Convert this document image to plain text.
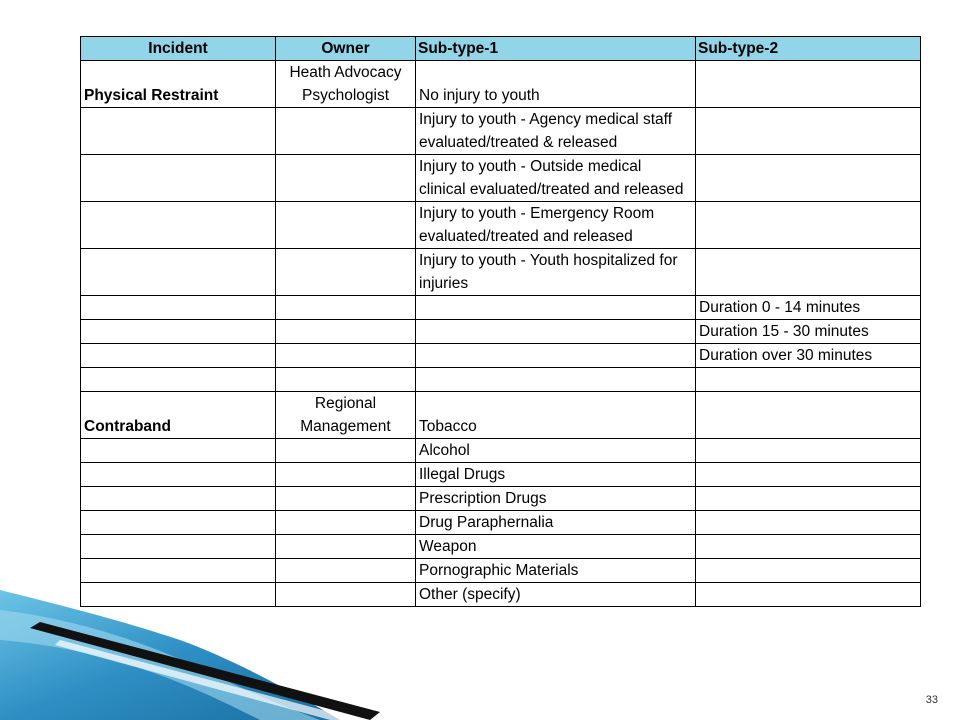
Incident	Owner	Sub-type-1	Sub-type-2
Physical Restraint	Heath Advocacy Psychologist	No injury to youth	
		Injury to youth - Agency medical staff evaluated/treated & released	
		Injury to youth - Outside medical clinical evaluated/treated and released	
		Injury to youth - Emergency Room evaluated/treated and released	
		Injury to youth - Youth hospitalized for injuries	
			Duration 0 - 14 minutes
			Duration 15 - 30 minutes
			Duration over 30 minutes

Contraband	Regional Management	Tobacco	
		Alcohol	
		Illegal Drugs	
		Prescription Drugs	
		Drug Paraphernalia	
		Weapon	
		Pornographic Materials	
		Other (specify)	
33
